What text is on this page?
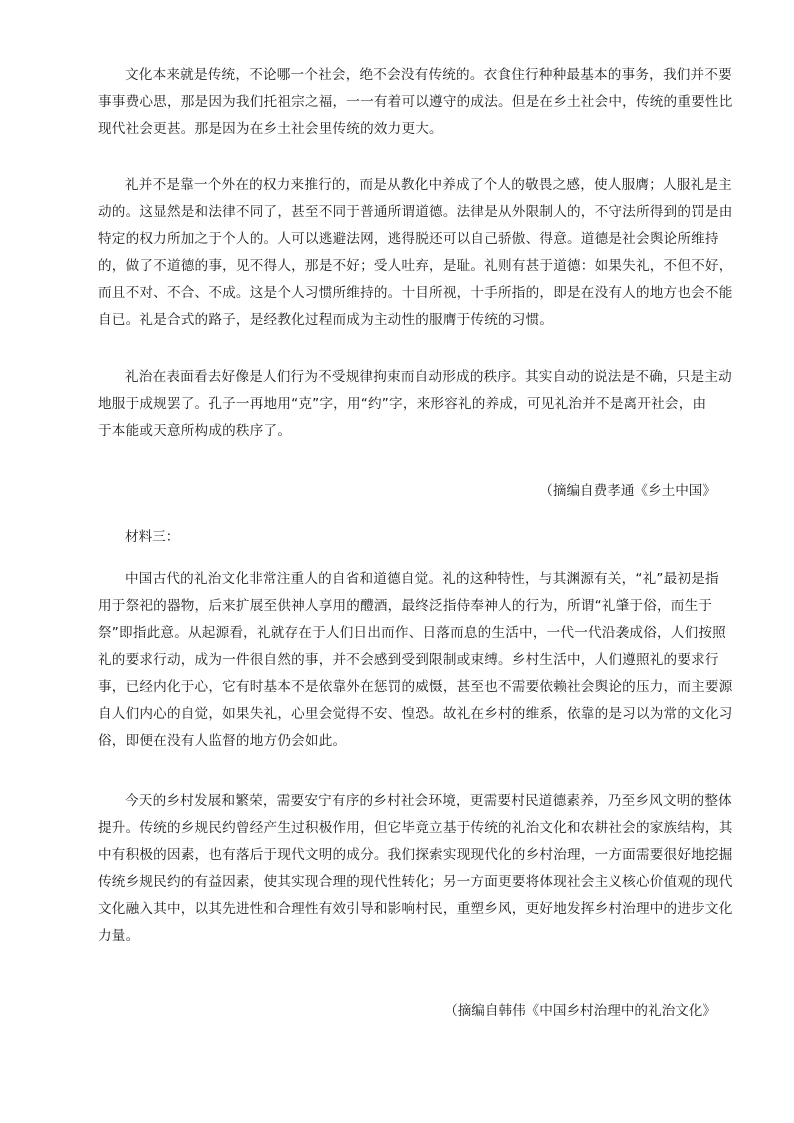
文化本来就是传统，不论哪一个社会，绝不会没有传统的。衣食住行种种最基本的事务，我们并不要
事事费心思，那是因为我们托祖宗之福，一一有着可以遵守的成法。但是在乡土社会中，传统的重要性比
现代社会更甚。那是因为在乡土社会里传统的效力更大。
礼并不是靠一个外在的权力来推行的，而是从教化中养成了个人的敬畏之感，使人服膺；人服礼是主
动的。这显然是和法律不同了，甚至不同于普通所谓道德。法律是从外限制人的，不守法所得到的罚是由
特定的权力所加之于个人的。人可以逃避法网，逃得脱还可以自己骄傲、得意。道德是社会舆论所维持
的，做了不道德的事，见不得人，那是不好；受人吐弃，是耻。礼则有甚于道德：如果失礼，不但不好，
而且不对、不合、不成。这是个人习惯所维持的。十目所视，十手所指的，即是在没有人的地方也会不能
自已。礼是合式的路子，是经教化过程而成为主动性的服膺于传统的习惯。
礼治在表面看去好像是人们行为不受规律拘束而自动形成的秩序。其实自动的说法是不确，只是主动
地服于成规罢了。孔子一再地用“克”字，用“约”字，来形容礼的养成，可见礼治并不是离开社会，由
于本能或天意所构成的秩序了。

（摘编自费孝通《乡土中国》

材料三：

中国古代的礼治文化非常注重人的自省和道德自觉。礼的这种特性，与其渊源有关，“礼”最初是指
用于祭祀的器物，后来扩展至供神人享用的醴酒，最终泛指侍奉神人的行为，所谓“礼肇于俗，而生于
祭”即指此意。从起源看，礼就存在于人们日出而作、日落而息的生活中，一代一代沿袭成俗，人们按照
礼的要求行动，成为一件很自然的事，并不会感到受到限制或束缚。乡村生活中，人们遵照礼的要求行
事，已经内化于心，它有时基本不是依靠外在惩罚的威慑，甚至也不需要依赖社会舆论的压力，而主要源
自人们内心的自觉，如果失礼，心里会觉得不安、惶恐。故礼在乡村的维系，依靠的是习以为常的文化习
俗，即便在没有人监督的地方仍会如此。
今天的乡村发展和繁荣，需要安宁有序的乡村社会环境，更需要村民道德素养，乃至乡风文明的整体
提升。传统的乡规民约曾经产生过积极作用，但它毕竟立基于传统的礼治文化和农耕社会的家族结构，其
中有积极的因素，也有落后于现代文明的成分。我们探索实现现代化的乡村治理，一方面需要很好地挖掘
传统乡规民约的有益因素，使其实现合理的现代性转化；另一方面更要将体现社会主义核心价值观的现代
文化融入其中，以其先进性和合理性有效引导和影响村民，重塑乡风，更好地发挥乡村治理中的进步文化
力量。

（摘编自韩伟《中国乡村治理中的礼治文化》
